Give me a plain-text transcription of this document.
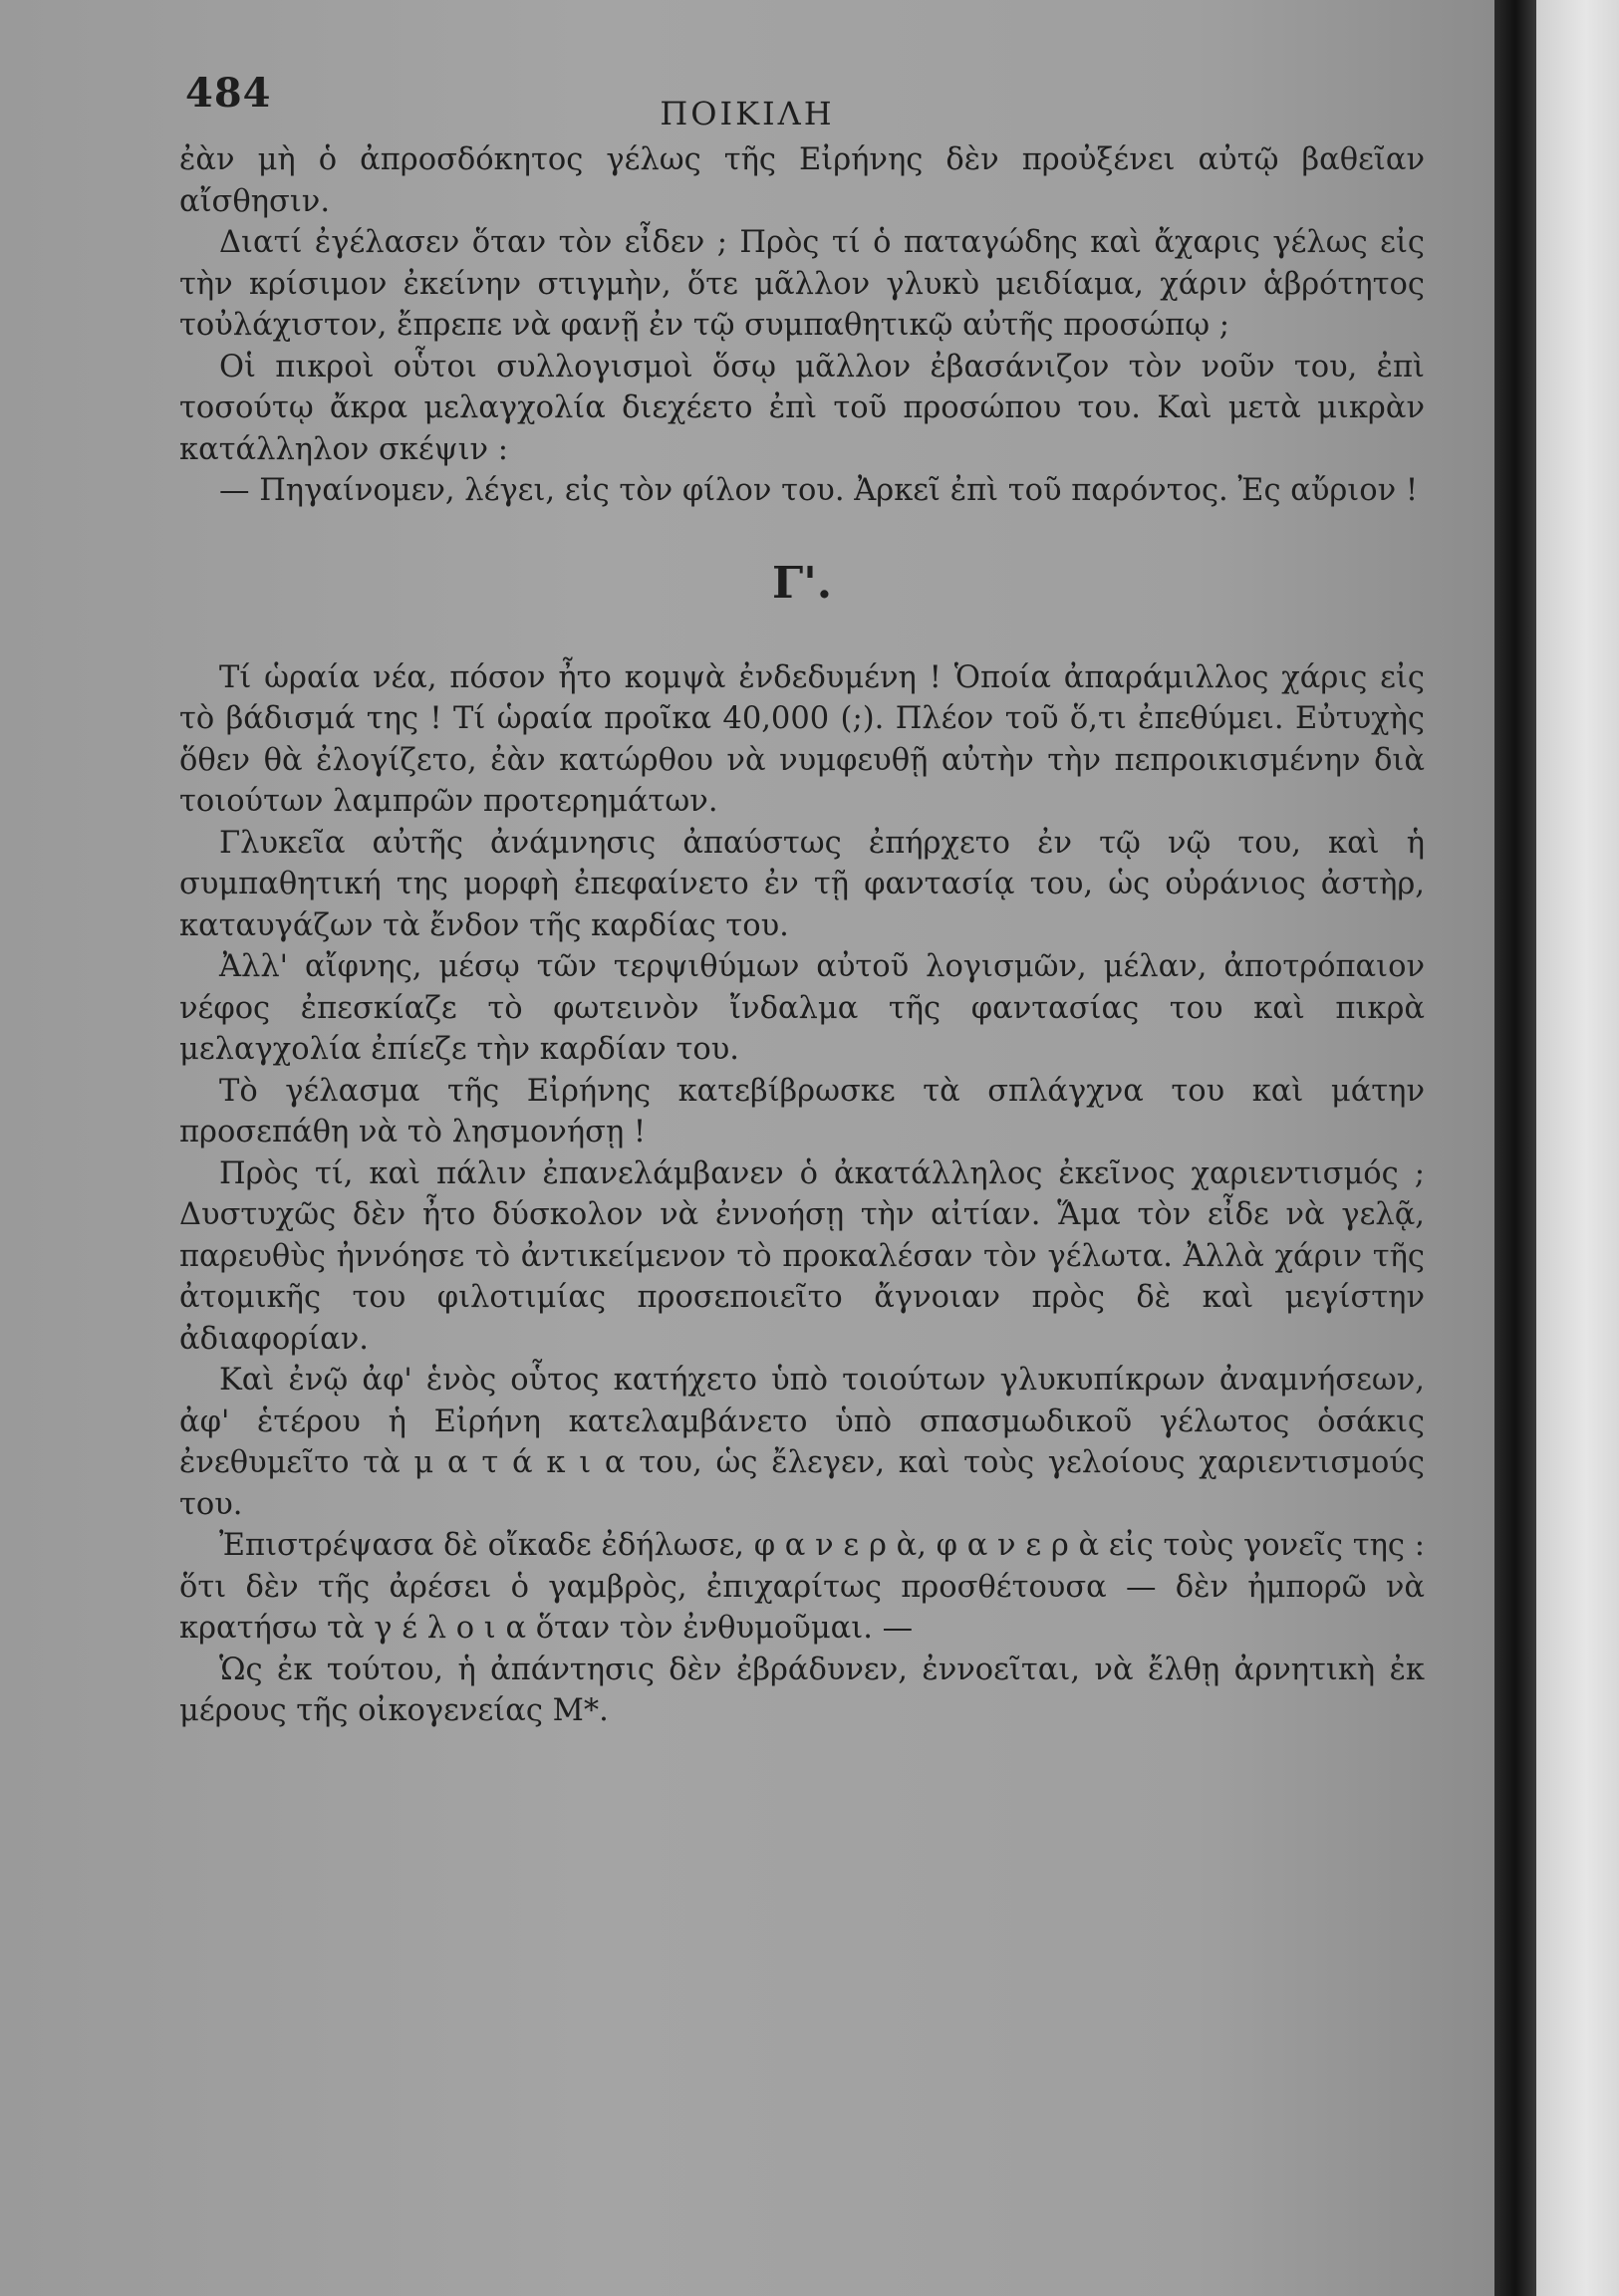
484	ΠΟΙΚΙΛΗ

ἐὰν μὴ ὁ ἀπροσδόκητος γέλως τῆς Εἰρήνης δὲν προὐξένει αὐτῷ βαθεῖαν αἴσθησιν.

Διατί ἐγέλασεν ὅταν τὸν εἶδεν ; Πρὸς τί ὁ παταγώδης καὶ ἄχαρις γέλως εἰς τὴν κρίσιμον ἐκείνην στιγμὴν, ὅτε μᾶλλον γλυκὺ μειδίαμα, χάριν ἁβρότητος τοὐλάχιστον, ἔπρεπε νὰ φανῇ ἐν τῷ συμπαθητικῷ αὐτῆς προσώπῳ ;

Οἱ πικροὶ οὗτοι συλλογισμοὶ ὅσῳ μᾶλλον ἐβασάνιζον τὸν νοῦν του, ἐπὶ τοσούτῳ ἄκρα μελαγχολία διεχέετο ἐπὶ τοῦ προσώπου του. Καὶ μετὰ μικρὰν κατάλληλον σκέψιν :

— Πηγαίνομεν, λέγει, εἰς τὸν φίλον του. Ἀρκεῖ ἐπὶ τοῦ παρόντος. Ἐς αὔριον !

Γ'.

Τί ὡραία νέα, πόσον ἦτο κομψὰ ἐνδεδυμένη ! Ὁποία ἀπαράμιλλος χάρις εἰς τὸ βάδισμά της ! Τί ὡραία προῖκα 40,000 (;). Πλέον τοῦ ὅ,τι ἐπεθύμει. Εὐτυχὴς ὅθεν θὰ ἐλογίζετο, ἐὰν κατώρθου νὰ νυμφευθῇ αὐτὴν τὴν πεπροικισμένην διὰ τοιούτων λαμπρῶν προτερημάτων.

Γλυκεῖα αὐτῆς ἀνάμνησις ἀπαύστως ἐπήρχετο ἐν τῷ νῷ του, καὶ ἡ συμπαθητική της μορφὴ ἐπεφαίνετο ἐν τῇ φαντασίᾳ του, ὡς οὐράνιος ἀστὴρ, καταυγάζων τὰ ἔνδον τῆς καρδίας του.

Ἀλλ' αἴφνης, μέσῳ τῶν τερψιθύμων αὐτοῦ λογισμῶν, μέλαν, ἀποτρόπαιον νέφος ἐπεσκίαζε τὸ φωτεινὸν ἴνδαλμα τῆς φαντασίας του καὶ πικρὰ μελαγχολία ἐπίεζε τὴν καρδίαν του.

Τὸ γέλασμα τῆς Εἰρήνης κατεβίβρωσκε τὰ σπλάγχνα του καὶ μάτην προσεπάθη νὰ τὸ λησμονήσῃ !

Πρὸς τί, καὶ πάλιν ἐπανελάμβανεν ὁ ἀκατάλληλος ἐκεῖνος χαριεντισμός ; Δυστυχῶς δὲν ἦτο δύσκολον νὰ ἐννοήσῃ τὴν αἰτίαν. Ἅμα τὸν εἶδε νὰ γελᾷ, παρευθὺς ἠννόησε τὸ ἀντικείμενον τὸ προκαλέσαν τὸν γέλωτα. Ἀλλὰ χάριν τῆς ἀτομικῆς του φιλοτιμίας προσεποιεῖτο ἄγνοιαν πρὸς δὲ καὶ μεγίστην ἀδιαφορίαν.

Καὶ ἐνῷ ἀφ' ἑνὸς οὗτος κατήχετο ὑπὸ τοιούτων γλυκυπίκρων ἀναμνήσεων, ἀφ' ἑτέρου ἡ Εἰρήνη κατελαμβάνετο ὑπὸ σπασμωδικοῦ γέλωτος ὁσάκις ἐνεθυμεῖτο τὰ μ α τ ά κ ι α του, ὡς ἔλεγεν, καὶ τοὺς γελοίους χαριεντισμούς του.

Ἐπιστρέψασα δὲ οἴκαδε ἐδήλωσε, φ α ν ε ρ ὰ, φ α ν ε ρ ὰ εἰς τοὺς γονεῖς της : ὅτι δὲν τῆς ἀρέσει ὁ γαμβρὸς, ἐπιχαρίτως προσθέτουσα — δὲν ἠμπορῶ νὰ κρατήσω τὰ γ έ λ ο ι α ὅταν τὸν ἐνθυμοῦμαι. —

Ὡς ἐκ τούτου, ἡ ἀπάντησις δὲν ἐβράδυνεν, ἐννοεῖται, νὰ ἔλθῃ ἀρνητικὴ ἐκ μέρους τῆς οἰκογενείας Μ*.
